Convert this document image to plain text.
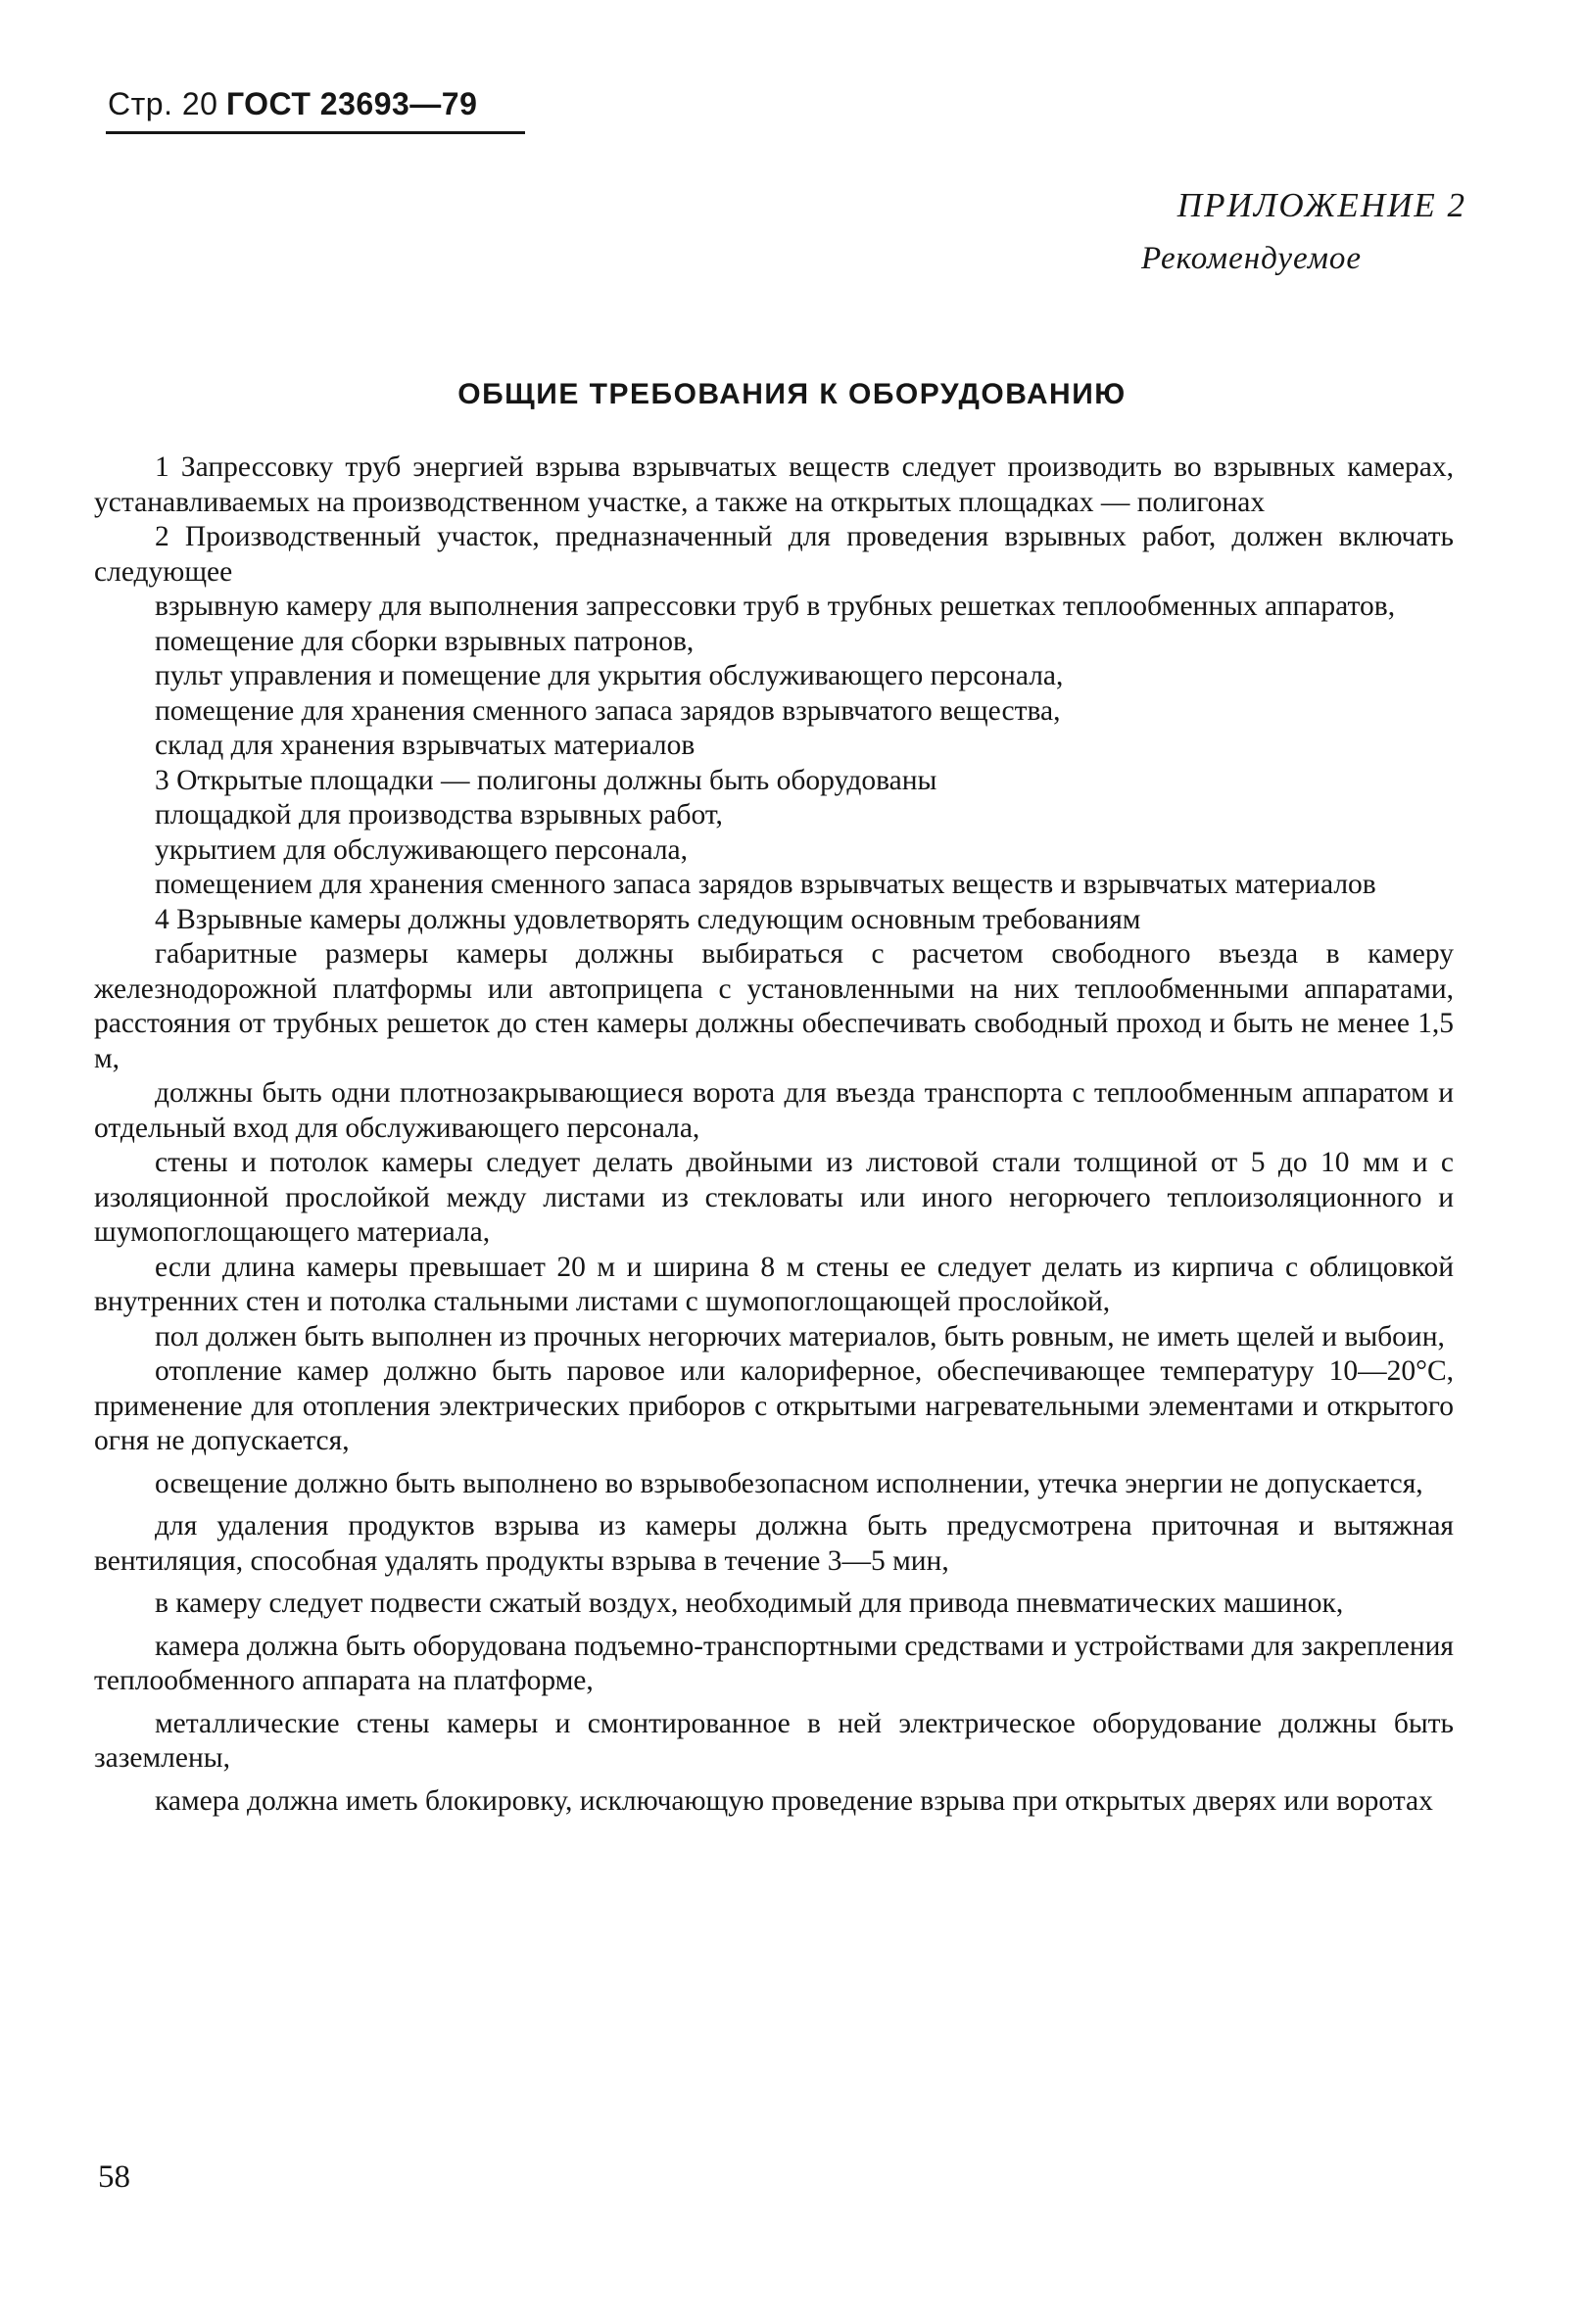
Стр. 20 ГОСТ 23693—79
ПРИЛОЖЕНИЕ 2
Рекомендуемое
ОБЩИЕ ТРЕБОВАНИЯ К ОБОРУДОВАНИЮ

1 Запрессовку труб энергией взрыва взрывчатых веществ следует производить во взрывных камерах, устанавливаемых на производственном участке, а также на открытых площадках — полигонах

2 Производственный участок, предназначенный для проведения взрывных работ, должен включать следующее

взрывную камеру для выполнения запрессовки труб в трубных решетках теплообменных аппаратов,

помещение для сборки взрывных патронов,

пульт управления и помещение для укрытия обслуживающего персонала,

помещение для хранения сменного запаса зарядов взрывчатого вещества,

склад для хранения взрывчатых материалов

3 Открытые площадки — полигоны должны быть оборудованы

площадкой для производства взрывных работ,

укрытием для обслуживающего персонала,

помещением для хранения сменного запаса зарядов взрывчатых веществ и взрывчатых материалов

4 Взрывные камеры должны удовлетворять следующим основным требованиям

габаритные размеры камеры должны выбираться с расчетом свободного въезда в камеру железнодорожной платформы или автоприцепа с установленными на них теплообменными аппаратами, расстояния от трубных решеток до стен камеры должны обеспечивать свободный проход и быть не менее 1,5 м,

должны быть одни плотнозакрывающиеся ворота для въезда транспорта с теплообменным аппаратом и отдельный вход для обслуживающего персонала,

стены и потолок камеры следует делать двойными из листовой стали толщиной от 5 до 10 мм и с изоляционной прослойкой между листами из стекловаты или иного негорючего теплоизоляционного и шумопоглощающего материала,

если длина камеры превышает 20 м и ширина 8 м стены ее следует делать из кирпича с облицовкой внутренних стен и потолка стальными листами с шумопоглощающей прослойкой,

пол должен быть выполнен из прочных негорючих материалов, быть ровным, не иметь щелей и выбоин,

отопление камер должно быть паровое или калориферное, обеспечивающее температуру 10—20°С, применение для отопления электрических приборов с открытыми нагревательными элементами и открытого огня не допускается,

освещение должно быть выполнено во взрывобезопасном исполнении, утечка энергии не допускается,

для удаления продуктов взрыва из камеры должна быть предусмотрена приточная и вытяжная вентиляция, способная удалять продукты взрыва в течение 3—5 мин,

в камеру следует подвести сжатый воздух, необходимый для привода пневматических машинок,

камера должна быть оборудована подъемно-транспортными средствами и устройствами для закрепления теплообменного аппарата на платформе,

металлические стены камеры и смонтированное в ней электрическое оборудование должны быть заземлены,

камера должна иметь блокировку, исключающую проведение взрыва при открытых дверях или воротах

58
